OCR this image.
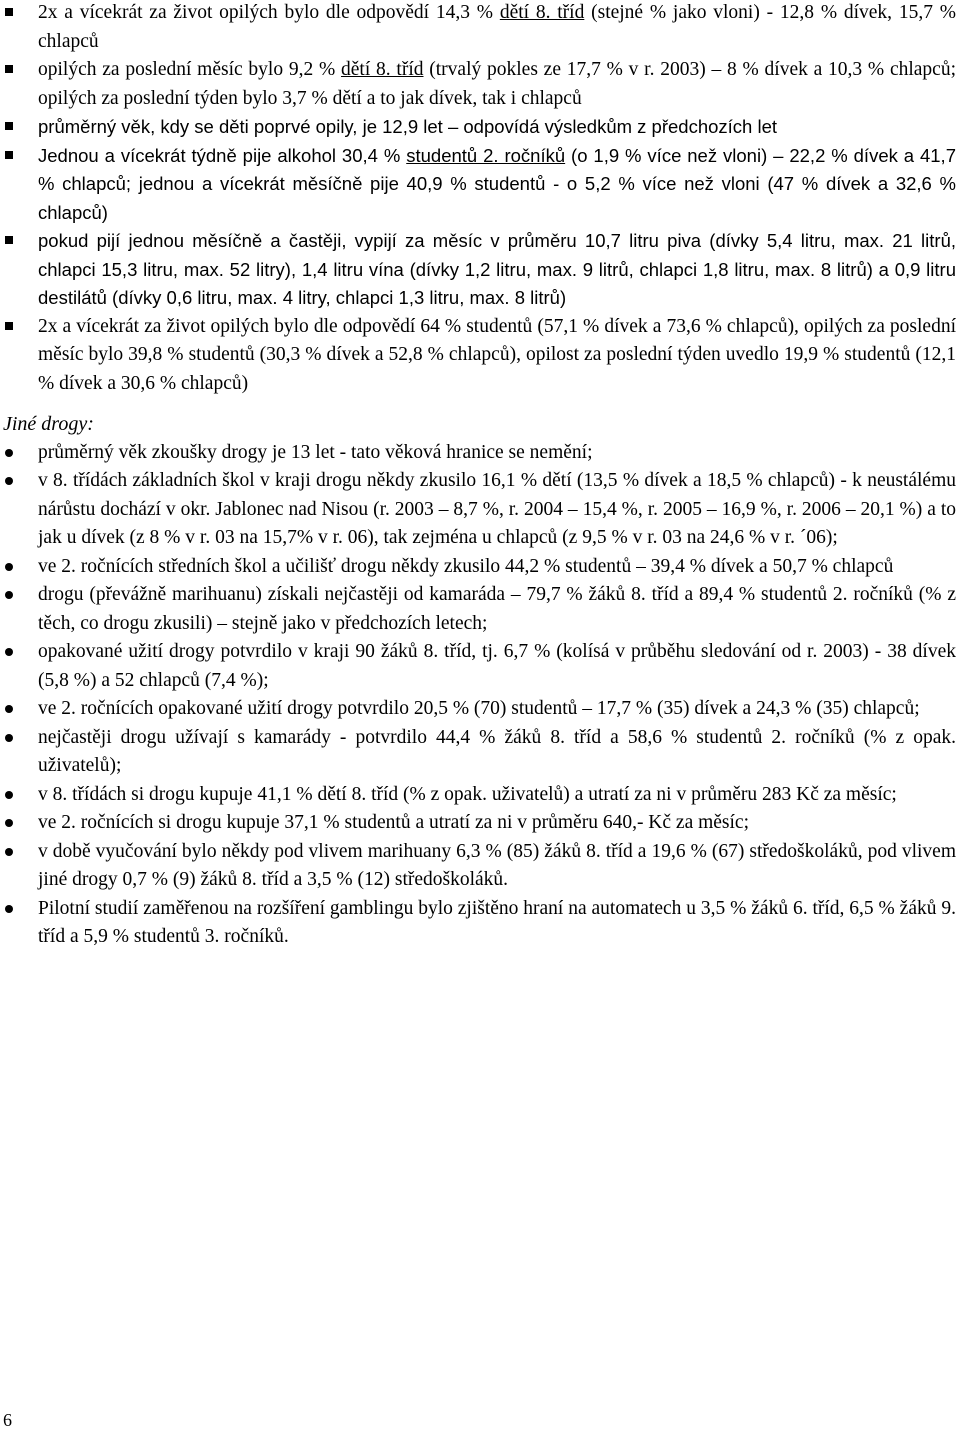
2x a vícekrát za život opilých bylo dle odpovědí 14,3 % dětí 8. tříd (stejné % jako vloni) - 12,8 % dívek, 15,7 % chlapců
opilých za poslední měsíc bylo 9,2 % dětí 8. tříd (trvalý pokles ze 17,7 % v r. 2003) – 8 % dívek a 10,3 % chlapců; opilých za poslední týden bylo 3,7 % dětí a to jak dívek, tak i chlapců
průměrný věk, kdy se děti poprvé opily, je 12,9 let – odpovídá výsledkům z předchozích let
Jednou a vícekrát týdně pije alkohol 30,4 % studentů 2. ročníků (o 1,9 % více než vloni) – 22,2 % dívek a 41,7 % chlapců; jednou a vícekrát měsíčně pije 40,9 % studentů - o 5,2 % více než vloni (47 % dívek a 32,6 % chlapců)
pokud pijí jednou měsíčně a častěji, vypijí za měsíc v průměru 10,7 litru piva (dívky 5,4 litru, max. 21 litrů, chlapci 15,3 litru, max. 52 litry), 1,4 litru vína (dívky 1,2 litru, max. 9 litrů, chlapci 1,8 litru, max. 8 litrů) a 0,9 litru destilátů (dívky 0,6 litru, max. 4 litry, chlapci 1,3 litru, max. 8 litrů)
2x a vícekrát za život opilých bylo dle odpovědí 64 % studentů (57,1 % dívek a 73,6 % chlapců), opilých za poslední měsíc bylo 39,8 % studentů (30,3 % dívek a 52,8 % chlapců), opilost za poslední týden uvedlo 19,9 % studentů (12,1 % dívek a 30,6 % chlapců)
Jiné drogy:
průměrný věk zkoušky drogy je 13 let - tato věková hranice se nemění;
v 8. třídách základních škol v kraji drogu někdy zkusilo 16,1 % dětí (13,5 % dívek a 18,5 % chlapců) - k neustálému nárůstu dochází v okr. Jablonec nad Nisou (r. 2003 – 8,7 %, r. 2004 – 15,4 %, r. 2005 – 16,9 %, r. 2006 – 20,1 %) a to jak u dívek (z 8 % v r. 03 na 15,7% v r. 06), tak zejména u chlapců (z 9,5 % v r. 03 na 24,6 % v r. ´06);
ve 2. ročnících středních škol a učilišť drogu někdy zkusilo 44,2 % studentů – 39,4 % dívek a 50,7 % chlapců
drogu (převážně marihuanu) získali nejčastěji od kamaráda – 79,7 % žáků 8. tříd a 89,4 % studentů 2. ročníků (% z těch, co drogu zkusili) – stejně jako v předchozích letech;
opakované užití drogy potvrdilo v kraji 90 žáků 8. tříd, tj. 6,7 % (kolísá v průběhu sledování od r. 2003) - 38 dívek (5,8 %) a 52 chlapců (7,4 %);
ve 2. ročnících opakované užití drogy potvrdilo 20,5 % (70) studentů – 17,7 % (35) dívek a 24,3 % (35) chlapců;
nejčastěji drogu užívají s kamarády - potvrdilo 44,4 % žáků 8. tříd a 58,6 % studentů 2. ročníků (% z opak. uživatelů);
v 8. třídách si drogu kupuje 41,1 % dětí 8. tříd (% z opak. uživatelů) a utratí za ni v průměru 283 Kč za měsíc;
ve 2. ročnících si drogu kupuje 37,1 % studentů a utratí za ni v průměru 640,- Kč za měsíc;
v době vyučování bylo někdy pod vlivem marihuany 6,3 % (85) žáků 8. tříd a 19,6 % (67) středoškoláků, pod vlivem jiné drogy 0,7 % (9) žáků 8. tříd a 3,5 % (12) středoškoláků.
Pilotní studií zaměřenou na rozšíření gamblingu bylo zjištěno hraní na automatech u 3,5 % žáků 6. tříd, 6,5 % žáků 9. tříd a 5,9 % studentů 3. ročníků.
6
